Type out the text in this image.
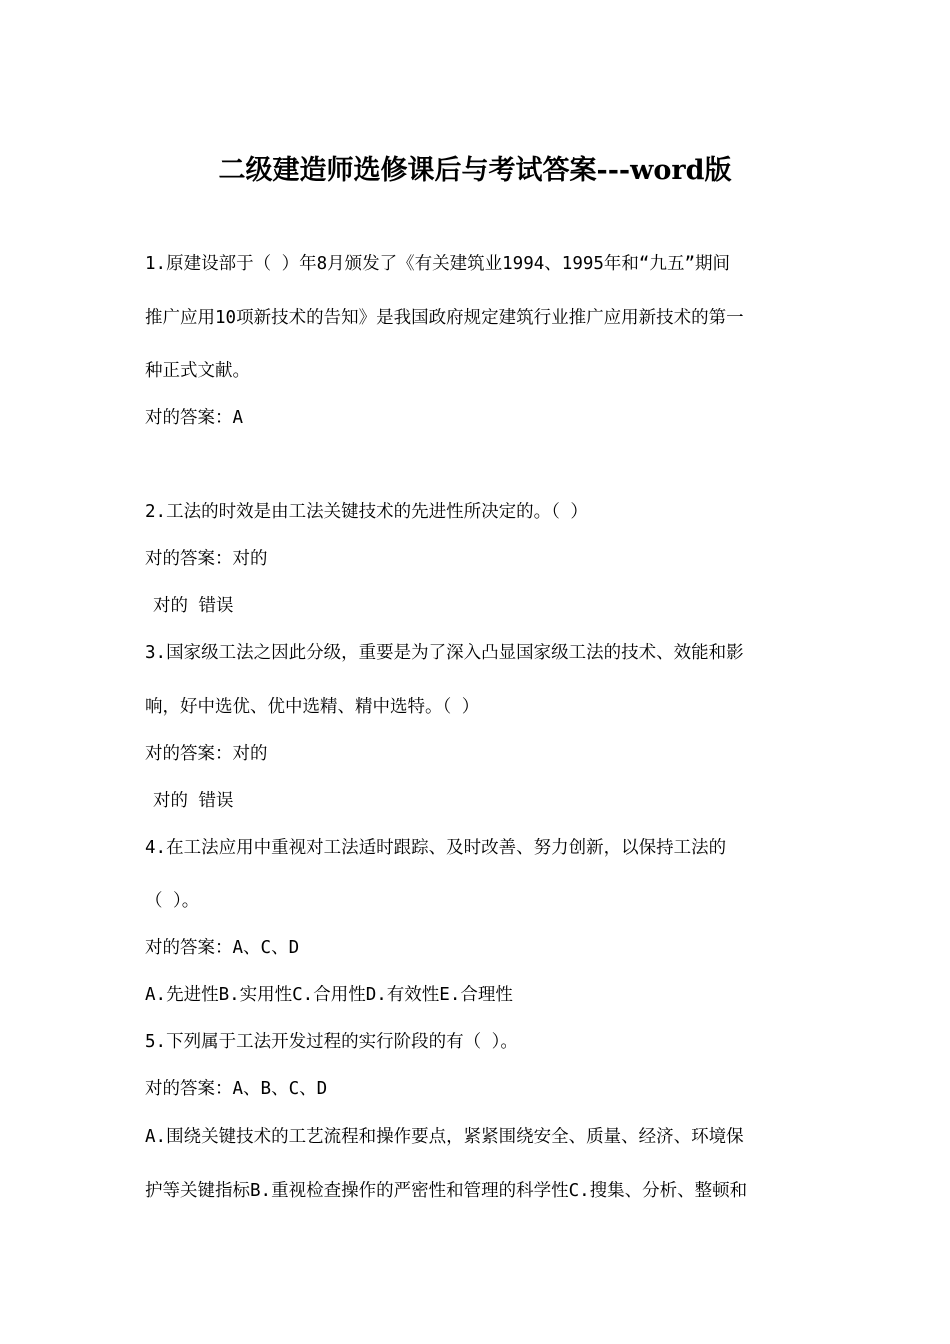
二级建造师选修课后与考试答案---word版
1.原建设部于（ ）年8月颁发了《有关建筑业1994、1995年和“九五”期间
推广应用10项新技术的告知》是我国政府规定建筑行业推广应用新技术的第一
种正式文献。
对的答案：A
2.工法的时效是由工法关键技术的先进性所决定的。（ ）
对的答案：对的
对的 错误
3.国家级工法之因此分级，重要是为了深入凸显国家级工法的技术、效能和影
响，好中选优、优中选精、精中选特。（ ）
对的答案：对的
对的 错误
4.在工法应用中重视对工法适时跟踪、及时改善、努力创新，以保持工法的
（ ）。
对的答案：A、C、D
A.先进性B.实用性C.合用性D.有效性E.合理性
5.下列属于工法开发过程的实行阶段的有（ ）。
对的答案：A、B、C、D
A.围绕关键技术的工艺流程和操作要点，紧紧围绕安全、质量、经济、环境保
护等关键指标B.重视检查操作的严密性和管理的科学性C.搜集、分析、整顿和
